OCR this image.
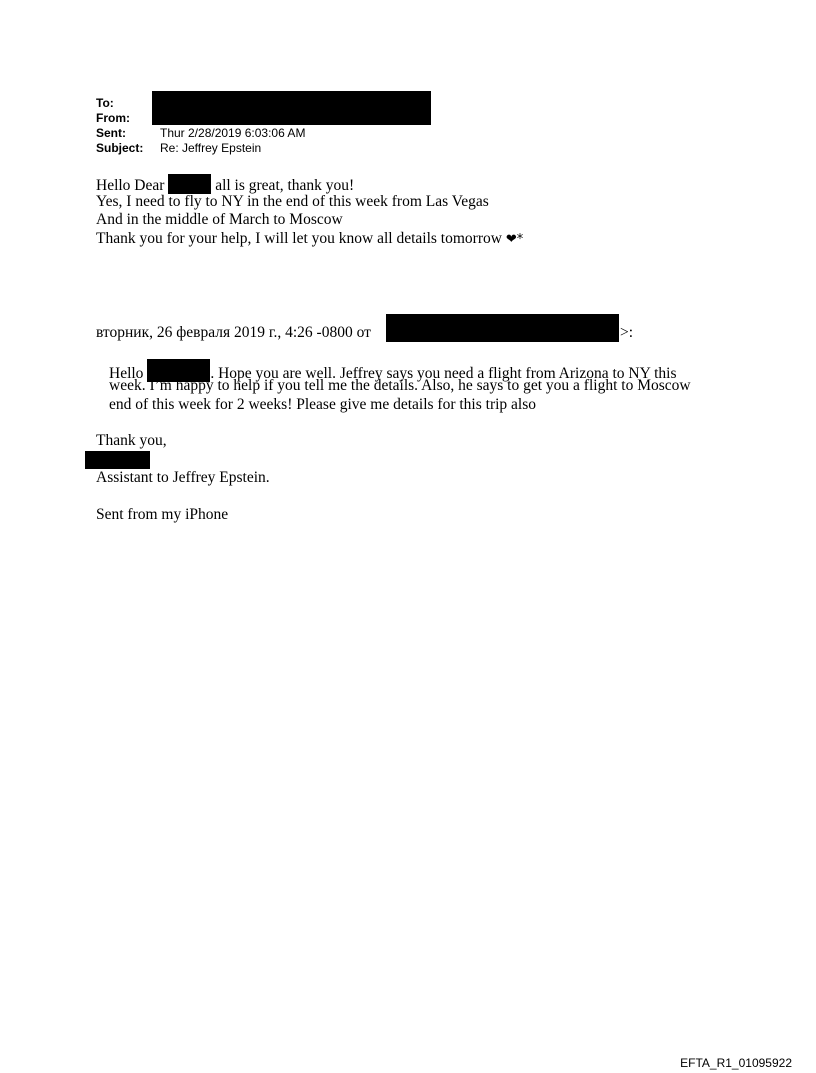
To:
From:
Sent:	Thur 2/28/2019 6:03:06 AM
Subject:	Re: Jeffrey Epstein
Hello Dear	all is great, thank you!
Yes, I need to fly to NY in the end of this week from Las Vegas
And in the middle of March to Moscow
Thank you for your help, I will let you know all details tomorrow ❤*
вторник, 26 февраля 2019 г., 4:26 -0800 от	>:
Hello	. Hope you are well. Jeffrey says you need a flight from Arizona to NY this
week. I’m happy to help if you tell me the details. Also, he says to get you a flight to Moscow
end of this week for 2 weeks! Please give me details for this trip also
Thank you,
Assistant to Jeffrey Epstein.
Sent from my iPhone
EFTA_R1_01095922
